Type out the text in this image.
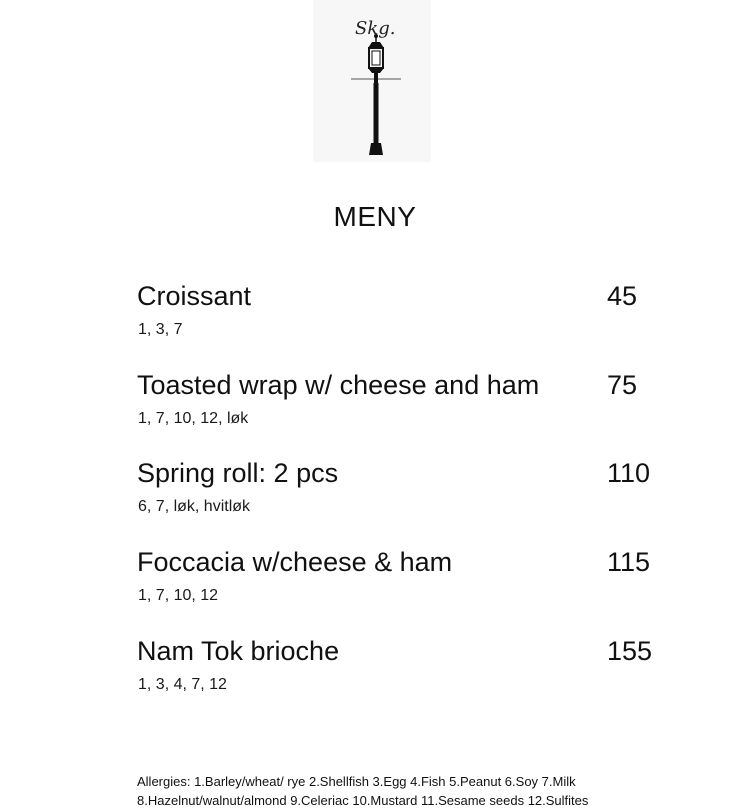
Skg.
MENY
Croissant	45
1, 3, 7
Toasted wrap w/ cheese and ham	75
1, 7, 10, 12, løk
Spring roll: 2 pcs	110
6, 7, løk, hvitløk
Foccacia w/cheese & ham	115
1, 7, 10, 12
Nam Tok brioche	155
1, 3, 4, 7, 12
Allergies: 1.Barley/wheat/ rye 2.Shellfish 3.Egg 4.Fish 5.Peanut 6.Soy 7.Milk
8.Hazelnut/walnut/almond 9.Celeriac 10.Mustard 11.Sesame seeds 12.Sulfites
